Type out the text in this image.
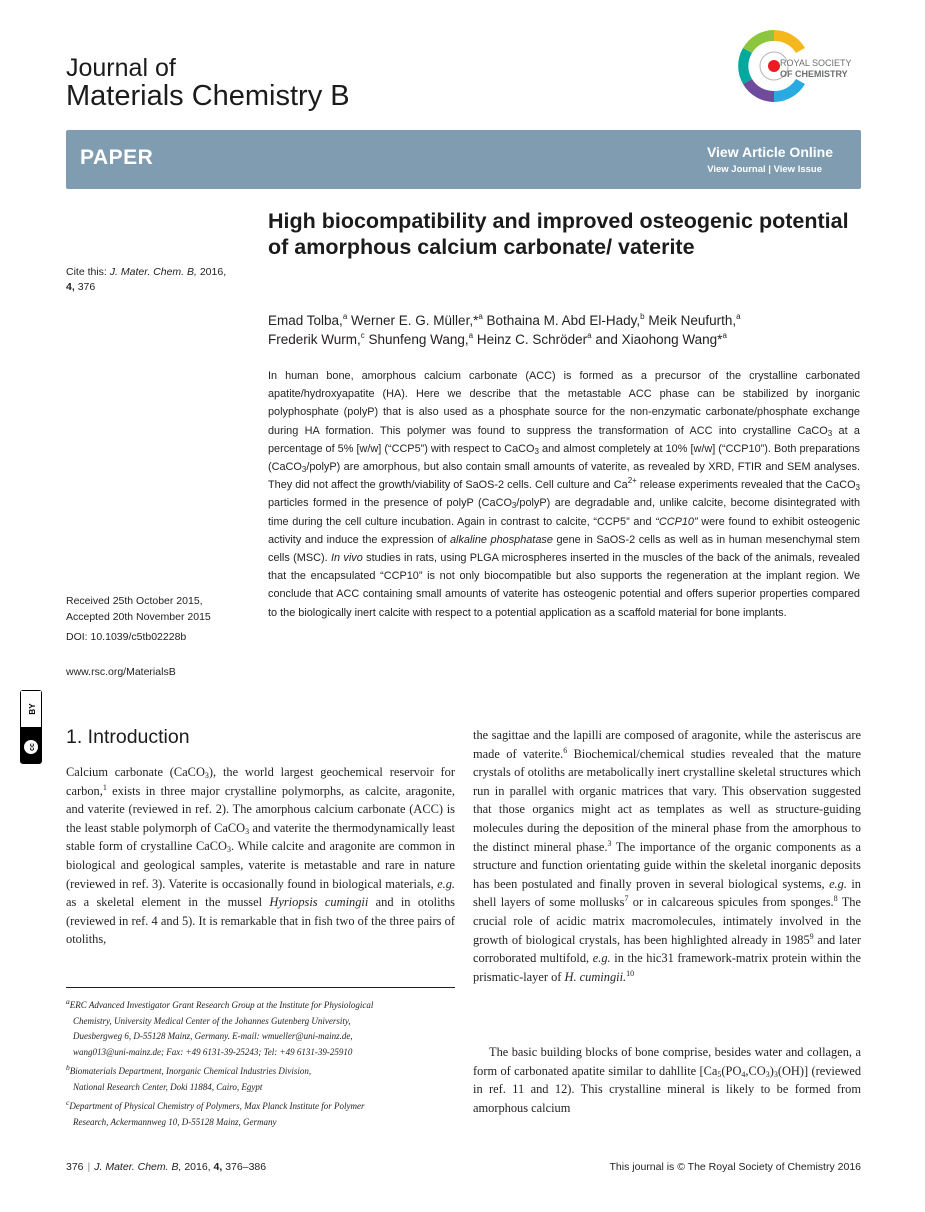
Journal of
Materials Chemistry B
ROYAL SOCIETY
OF CHEMISTRY
PAPER	View Article Online
View Journal | View Issue
High biocompatibility and improved osteogenic potential of amorphous calcium carbonate/ vaterite
Cite this: J. Mater. Chem. B, 2016,
4, 376
Emad Tolba,$^a$ Werner E. G. Müller,*$^a$ Bothaina M. Abd El-Hady,$^b$ Meik Neufurth,$^a$
Frederik Wurm,$^c$ Shunfeng Wang,$^a$ Heinz C. Schröder$^a$ and Xiaohong Wang*$^a$
In human bone, amorphous calcium carbonate (ACC) is formed as a precursor of the crystalline carbonated apatite/hydroxyapatite (HA). Here we describe that the metastable ACC phase can be stabilized by inorganic polyphosphate (polyP) that is also used as a phosphate source for the non-enzymatic carbonate/phosphate exchange during HA formation. This polymer was found to suppress the transformation of ACC into crystalline CaCO$_3$ at a percentage of 5% [w/w] (“CCP5”) with respect to CaCO$_3$ and almost completely at 10% [w/w] (“CCP10”). Both preparations (CaCO$_3$/polyP) are amorphous, but also contain small amounts of vaterite, as revealed by XRD, FTIR and SEM analyses. They did not affect the growth/viability of SaOS-2 cells. Cell culture and Ca$^{2+}$ release experiments revealed that the CaCO$_3$ particles formed in the presence of polyP (CaCO$_3$/polyP) are degradable and, unlike calcite, become disintegrated with time during the cell culture incubation. Again in contrast to calcite, “CCP5” and “CCP10” were found to exhibit osteogenic activity and induce the expression of alkaline phosphatase gene in SaOS-2 cells as well as in human mesenchymal stem cells (MSC). In vivo studies in rats, using PLGA microspheres inserted in the muscles of the back of the animals, revealed that the encapsulated “CCP10” is not only biocompatible but also supports the regeneration at the implant region. We conclude that ACC containing small amounts of vaterite has osteogenic potential and offers superior properties compared to the biologically inert calcite with respect to a potential application as a scaffold material for bone implants.
Received 25th October 2015,
Accepted 20th November 2015
DOI: 10.1039/c5tb02228b
www.rsc.org/MaterialsB
BY
cc 1. Introduction
Calcium carbonate (CaCO$_3$), the world largest geochemical reservoir for carbon,$^1$ exists in three major crystalline polymorphs, as calcite, aragonite, and vaterite (reviewed in ref. 2). The amorphous calcium carbonate (ACC) is the least stable polymorph of CaCO$_3$ and vaterite the thermodynamically least stable form of crystalline CaCO$_3$. While calcite and aragonite are common in biological and geological samples, vaterite is metastable and rare in nature (reviewed in ref. 3). Vaterite is occasionally found in biological materials, e.g. as a skeletal element in the mussel Hyriopsis cumingii and in otoliths (reviewed in ref. 4 and 5). It is remarkable that in fish two of the three pairs of otoliths,
$^a$ERC Advanced Investigator Grant Research Group at the Institute for Physiological
Chemistry, University Medical Center of the Johannes Gutenberg University,
Duesbergweg 6, D-55128 Mainz, Germany. E-mail: wmueller@uni-mainz.de,
wang013@uni-mainz.de; Fax: +49 6131-39-25243; Tel: +49 6131-39-25910
$^b$Biomaterials Department, Inorganic Chemical Industries Division,
National Research Center, Doki 11884, Cairo, Egypt
$^c$Department of Physical Chemistry of Polymers, Max Planck Institute for Polymer
Research, Ackermannweg 10, D-55128 Mainz, Germany
the sagittae and the lapilli are composed of aragonite, while the asteriscus are made of vaterite.$^6$ Biochemical/chemical studies revealed that the mature crystals of otoliths are metabolically inert crystalline skeletal structures which run in parallel with organic matrices that vary. This observation suggested that those organics might act as templates as well as structure-guiding molecules during the deposition of the mineral phase from the amorphous to the distinct mineral phase.$^3$ The importance of the organic components as a structure and function orientating guide within the skeletal inorganic deposits has been postulated and finally proven in several biological systems, e.g. in shell layers of some mollusks$^7$ or in calcareous spicules from sponges.$^8$ The crucial role of acidic matrix macromolecules, intimately involved in the growth of biological crystals, has been highlighted already in 1985$^9$ and later corroborated multifold, e.g. in the hic31 framework-matrix protein within the prismatic-layer of H. cumingii.$^{10}$
The basic building blocks of bone comprise, besides water and collagen, a form of carbonated apatite similar to dahllite $[Ca_5(PO_4,CO_3)_3(OH)]$ (reviewed in ref. 11 and 12). This crystalline mineral is likely to be formed from amorphous calcium
376 | J. Mater. Chem. B, 2016, 4, 376–386	This journal is © The Royal Society of Chemistry 2016
